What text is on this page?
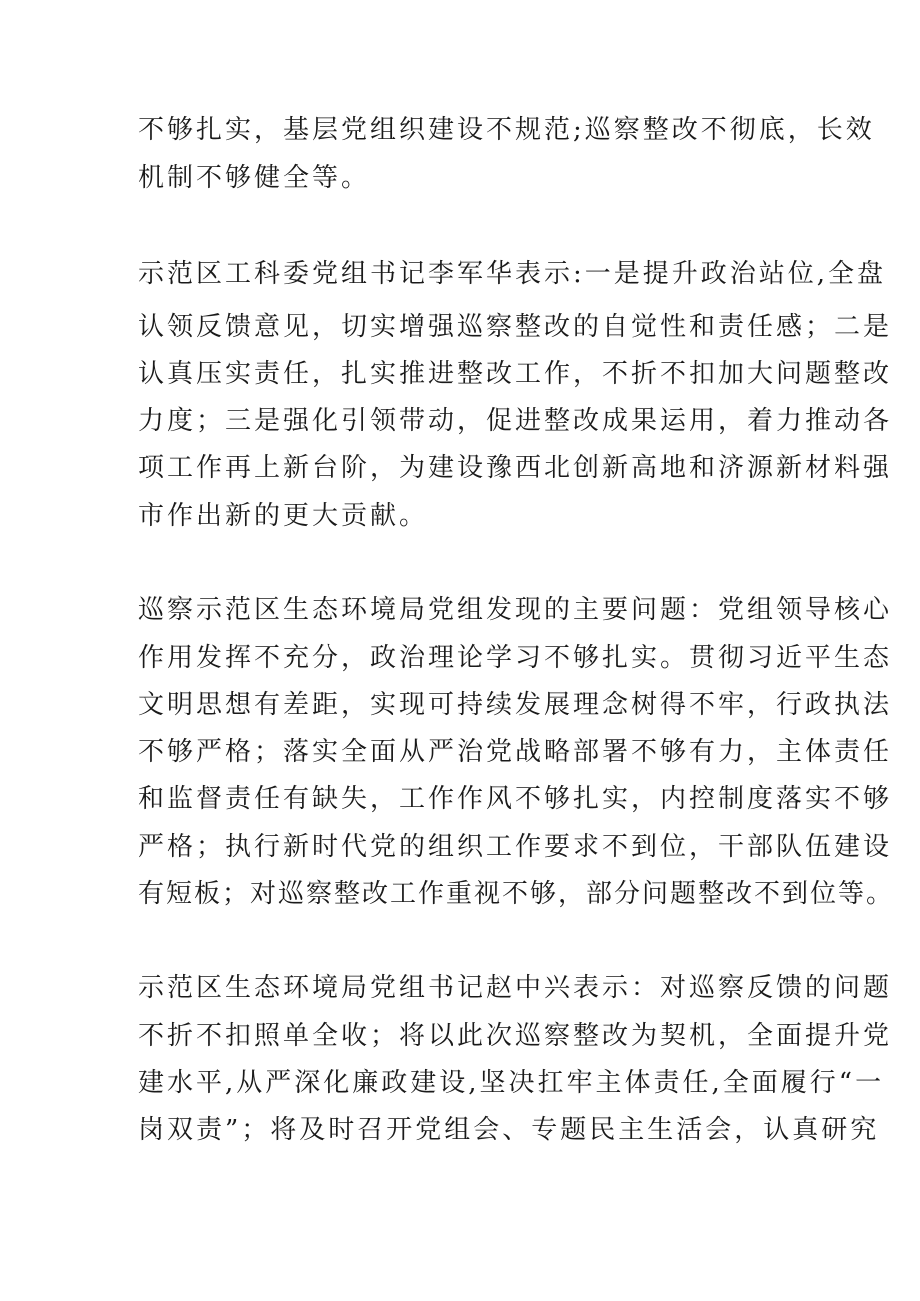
不够扎实，基层党组织建设不规范;巡察整改不彻底，长效
机制不够健全等。
示范区工科委党组书记李军华表示:一是提升政治站位,全盘
认领反馈意见，切实增强巡察整改的自觉性和责任感；二是
认真压实责任，扎实推进整改工作，不折不扣加大问题整改
力度；三是强化引领带动，促进整改成果运用，着力推动各
项工作再上新台阶，为建设豫西北创新高地和济源新材料强
市作出新的更大贡献。
巡察示范区生态环境局党组发现的主要问题：党组领导核心
作用发挥不充分，政治理论学习不够扎实。贯彻习近平生态
文明思想有差距，实现可持续发展理念树得不牢，行政执法
不够严格；落实全面从严治党战略部署不够有力，主体责任
和监督责任有缺失，工作作风不够扎实，内控制度落实不够
严格；执行新时代党的组织工作要求不到位，干部队伍建设
有短板；对巡察整改工作重视不够，部分问题整改不到位等。
示范区生态环境局党组书记赵中兴表示：对巡察反馈的问题
不折不扣照单全收；将以此次巡察整改为契机，全面提升党
建水平,从严深化廉政建设,坚决扛牢主体责任,全面履行“一
岗双责”；将及时召开党组会、专题民主生活会，认真研究
